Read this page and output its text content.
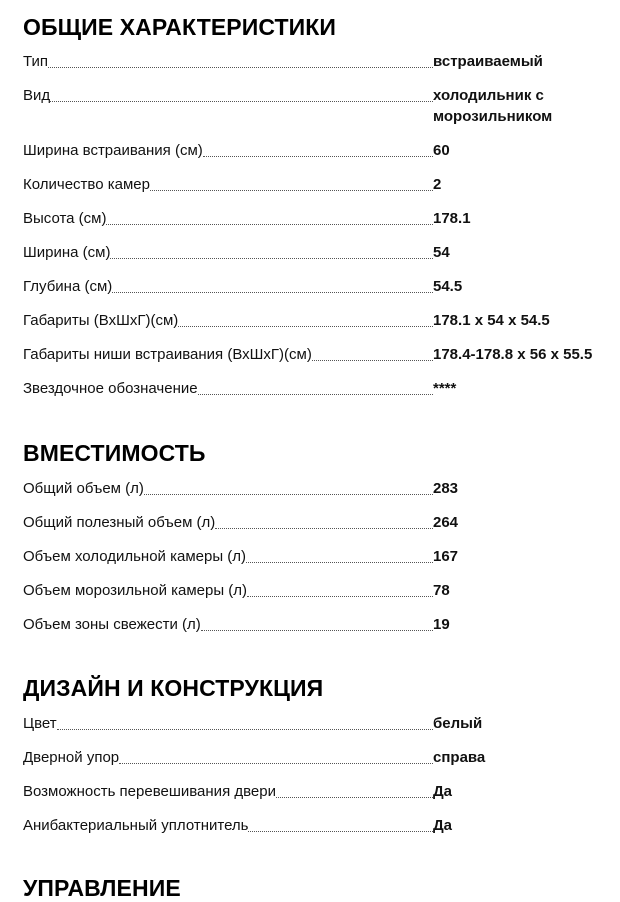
ОБЩИЕ ХАРАКТЕРИСТИКИ
Тип	встраиваемый
Вид	холодильник с морозильником
Ширина встраивания (см)	60
Количество камер	2
Высота (см)	178.1
Ширина (см)	54
Глубина (см)	54.5
Габариты (ВхШхГ)(см)	178.1 x 54 x 54.5
Габариты ниши встраивания (ВхШхГ)(см)	178.4-178.8 x 56 x 55.5
Звездочное обозначение	****
ВМЕСТИМОСТЬ
Общий объем (л)	283
Общий полезный объем (л)	264
Объем холодильной камеры (л)	167
Объем морозильной камеры (л)	78
Объем зоны свежести (л)	19
ДИЗАЙН И КОНСТРУКЦИЯ
Цвет	белый
Дверной упор	справа
Возможность перевешивания двери	Да
Анибактериальный уплотнитель	Да
УПРАВЛЕНИЕ
